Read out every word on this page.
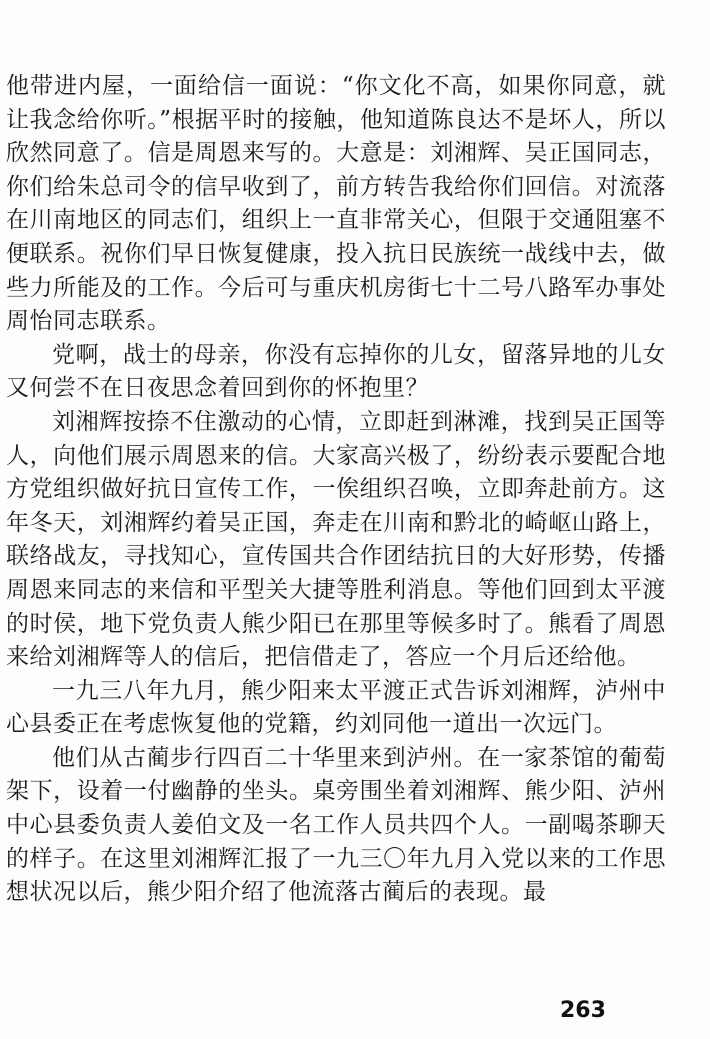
他带进内屋，一面给信一面说：“你文化不高，如果你同意，就让我念给你听。”根据平时的接触，他知道陈良达不是坏人，所以欣然同意了。信是周恩来写的。大意是：刘湘辉、吴正国同志，你们给朱总司令的信早收到了，前方转告我给你们回信。对流落在川南地区的同志们，组织上一直非常关心，但限于交通阻塞不便联系。祝你们早日恢复健康，投入抗日民族统一战线中去，做些力所能及的工作。今后可与重庆机房街七十二号八路军办事处周怡同志联系。

党啊，战士的母亲，你没有忘掉你的儿女，留落异地的儿女又何尝不在日夜思念着回到你的怀抱里？

刘湘辉按捺不住激动的心情，立即赶到淋滩，找到吴正国等人，向他们展示周恩来的信。大家高兴极了，纷纷表示要配合地方党组织做好抗日宣传工作，一俟组织召唤，立即奔赴前方。这年冬天，刘湘辉约着吴正国，奔走在川南和黔北的崎岖山路上，联络战友，寻找知心，宣传国共合作团结抗日的大好形势，传播周恩来同志的来信和平型关大捷等胜利消息。等他们回到太平渡的时侯，地下党负责人熊少阳已在那里等候多时了。熊看了周恩来给刘湘辉等人的信后，把信借走了，答应一个月后还给他。

一九三八年九月，熊少阳来太平渡正式告诉刘湘辉，泸州中心县委正在考虑恢复他的党籍，约刘同他一道出一次远门。

他们从古蔺步行四百二十华里来到泸州。在一家茶馆的葡萄架下，设着一付幽静的坐头。桌旁围坐着刘湘辉、熊少阳、泸州中心县委负责人姜伯文及一名工作人员共四个人。一副喝茶聊天的样子。在这里刘湘辉汇报了一九三〇年九月入党以来的工作思想状况以后，熊少阳介绍了他流落古蔺后的表现。最

263
